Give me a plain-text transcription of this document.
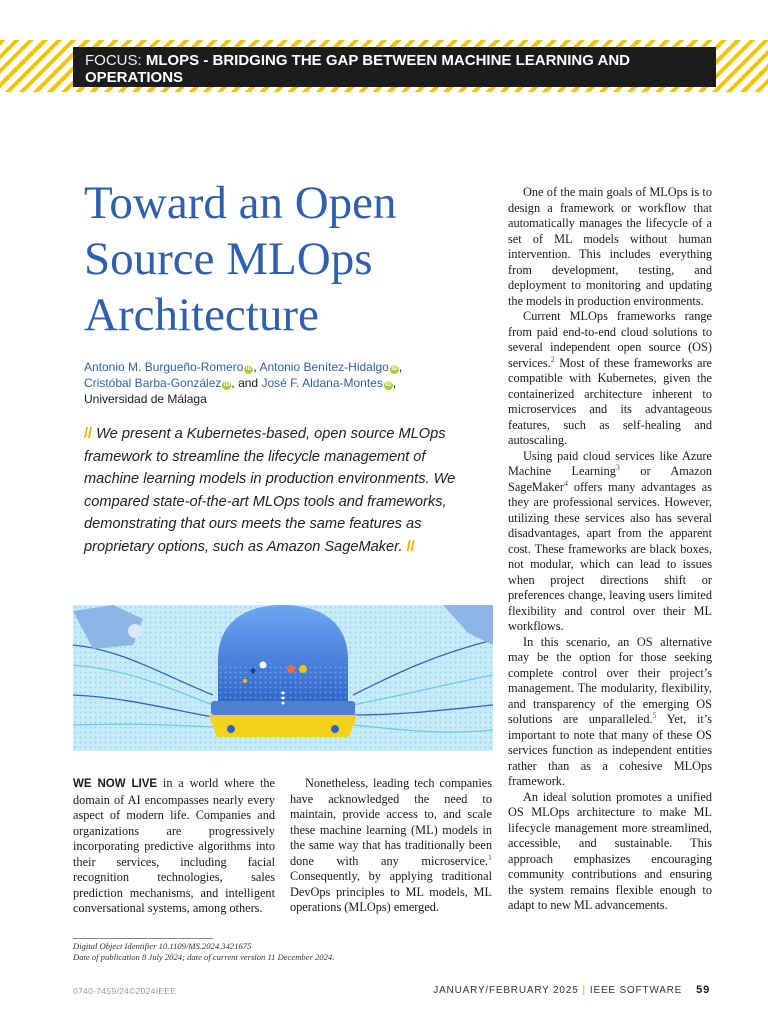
FOCUS: MLOPS - BRIDGING THE GAP BETWEEN MACHINE LEARNING AND OPERATIONS
Toward an Open Source MLOps Architecture
Antonio M. Burgueño-Romero iD , Antonio Benítez-Hidalgo iD ,
Cristóbal Barba-González iD , and José F. Aldana-Montes iD ,
Universidad de Málaga
// We present a Kubernetes-based, open source MLOps framework to streamline the lifecycle management of machine learning models in production environments. We compared state-of-the-art MLOps tools and frameworks, demonstrating that ours meets the same features as proprietary options, such as Amazon SageMaker. //

WE NOW LIVE in a world where the domain of AI encompasses nearly every aspect of modern life. Companies and organizations are progressively incorporating predictive algorithms into their services, including facial recognition technologies, sales prediction mechanisms, and intelligent conversational systems, among others.

Nonetheless, leading tech companies have acknowledged the need to maintain, provide access to, and scale these machine learning (ML) models in the same way that has traditionally been done with any microservice.$^1$ Consequently, by applying traditional DevOps principles to ML models, ML operations (MLOps) emerged.

One of the main goals of MLOps is to design a framework or workflow that automatically manages the lifecycle of a set of ML models without human intervention. This includes everything from development, testing, and deployment to monitoring and updating the models in production environments.

Current MLOps frameworks range from paid end-to-end cloud solutions to several independent open source (OS) services.$^2$ Most of these frameworks are compatible with Kubernetes, given the containerized architecture inherent to microservices and its advantageous features, such as self-healing and autoscaling.

Using paid cloud services like Azure Machine Learning$^3$ or Amazon SageMaker$^4$ offers many advantages as they are professional services. However, utilizing these services also has several disadvantages, apart from the apparent cost. These frameworks are black boxes, not modular, which can lead to issues when project directions shift or preferences change, leaving users limited flexibility and control over their ML workflows.

In this scenario, an OS alternative may be the option for those seeking complete control over their project’s management. The modularity, flexibility, and transparency of the emerging OS solutions are unparalleled.$^5$ Yet, it’s important to note that many of these OS services function as independent entities rather than as a cohesive MLOps framework.

An ideal solution promotes a unified OS MLOps architecture to make ML lifecycle management more streamlined, accessible, and sustainable. This approach emphasizes encouraging community contributions and ensuring the system remains flexible enough to adapt to new ML advancements.

Digital Object Identifier 10.1109/MS.2024.3421675
Date of publication 8 July 2024; date of current version 11 December 2024.
0740-7459/24©2024IEEE	JANUARY/FEBRUARY 2025 | IEEE SOFTWARE 59
